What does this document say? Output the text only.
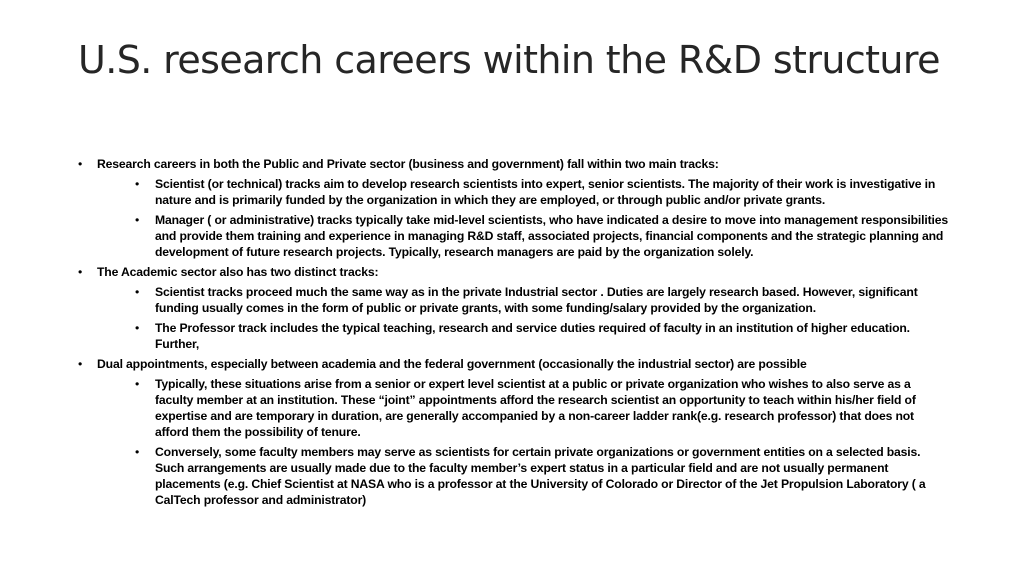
U.S. research careers within the R&D structure
• Research careers in both the Public and Private sector (business and government) fall within two main tracks:
• Scientist (or technical) tracks aim to develop research scientists into expert, senior scientists. The majority of their work is investigative in nature and is primarily funded by the organization in which they are employed, or through public and/or private grants.
• Manager ( or administrative) tracks typically take mid-level scientists, who have indicated a desire to move into management responsibilities and provide them training and experience in managing R&D staff, associated projects, financial components and the strategic planning and development of future research projects. Typically, research managers are paid by the organization solely.
• The Academic sector also has two distinct tracks:
• Scientist tracks proceed much the same way as in the private Industrial sector . Duties are largely research based. However, significant funding usually comes in the form of public or private grants, with some funding/salary provided by the organization.
• The Professor track includes the typical teaching, research and service duties required of faculty in an institution of higher education. Further,
• Dual appointments, especially between academia and the federal government (occasionally the industrial sector) are possible
• Typically, these situations arise from a senior or expert level scientist at a public or private organization who wishes to also serve as a faculty member at an institution. These “joint” appointments afford the research scientist an opportunity to teach within his/her field of expertise and are temporary in duration, are generally accompanied by a non-career ladder rank(e.g. research professor) that does not afford them the possibility of tenure.
• Conversely, some faculty members may serve as scientists for certain private organizations or government entities on a selected basis. Such arrangements are usually made due to the faculty member’s expert status in a particular field and are not usually permanent placements (e.g. Chief Scientist at NASA who is a professor at the University of Colorado or Director of the Jet Propulsion Laboratory ( a CalTech professor and administrator)
